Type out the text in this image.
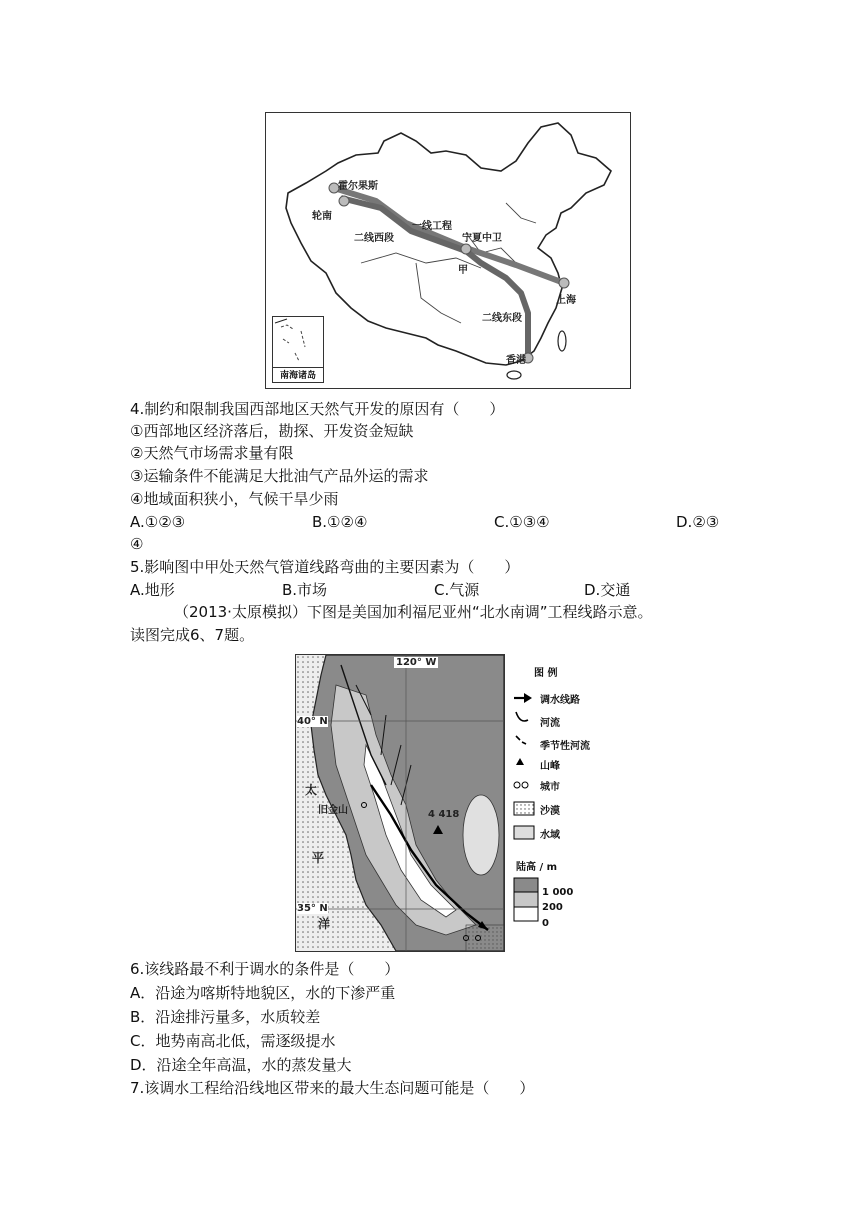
南海诸岛
霍尔果斯
轮南
一线工程
二线西段	宁夏中卫
甲
上海
二线东段
香港
4.制约和限制我国西部地区天然气开发的原因有（　　）
①西部地区经济落后，勘探、开发资金短缺
②天然气市场需求量有限
③运输条件不能满足大批油气产品外运的需求
④地域面积狭小，气候干旱少雨
A.①②③	B.①②④	C.①③④	D.②③
④
5.影响图中甲处天然气管道线路弯曲的主要因素为（　　）
A.地形	B.市场	C.气源	D.交通
（2013·太原模拟）下图是美国加利福尼亚州“北水南调”工程线路示意。
读图完成6、7题。
120° W
40° N
35° N
太
平
洋
旧金山	4 418
图 例
调水线路
河流
季节性河流
山峰
城市
沙漠
水域
陆高 / m
1 000
200
0
6.该线路最不利于调水的条件是（　　）
A．沿途为喀斯特地貌区，水的下渗严重
B．沿途排污量多，水质较差
C．地势南高北低，需逐级提水
D．沿途全年高温，水的蒸发量大
7.该调水工程给沿线地区带来的最大生态问题可能是（　　）
